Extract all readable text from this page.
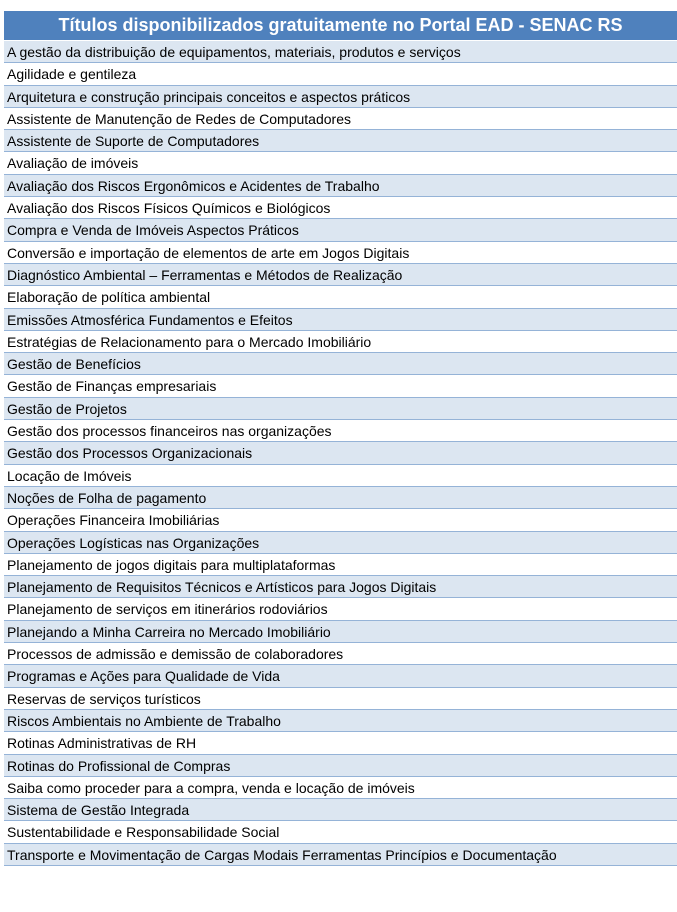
Títulos disponibilizados gratuitamente no Portal EAD - SENAC RS
A gestão da distribuição de equipamentos, materiais, produtos e serviços
Agilidade e gentileza
Arquitetura e construção principais conceitos e aspectos práticos
Assistente de Manutenção de Redes de Computadores
Assistente de Suporte de Computadores
Avaliação de imóveis
Avaliação dos Riscos Ergonômicos e Acidentes de Trabalho
Avaliação dos Riscos Físicos Químicos e Biológicos
Compra e Venda de Imóveis Aspectos Práticos
Conversão e importação de elementos de arte em Jogos Digitais
Diagnóstico Ambiental – Ferramentas e Métodos de Realização
Elaboração de política ambiental
Emissões Atmosférica Fundamentos e Efeitos
Estratégias de Relacionamento para o Mercado Imobiliário
Gestão de Benefícios
Gestão de Finanças empresariais
Gestão de Projetos
Gestão dos processos financeiros nas organizações
Gestão dos Processos Organizacionais
Locação de Imóveis
Noções de Folha de pagamento
Operações Financeira Imobiliárias
Operações Logísticas nas Organizações
Planejamento de jogos digitais para multiplataformas
Planejamento de Requisitos Técnicos e Artísticos para Jogos Digitais
Planejamento de serviços em itinerários rodoviários
Planejando a Minha Carreira no Mercado Imobiliário
Processos de admissão e demissão de colaboradores
Programas e Ações para Qualidade de Vida
Reservas de serviços turísticos
Riscos Ambientais no Ambiente de Trabalho
Rotinas Administrativas de RH
Rotinas do Profissional de Compras
Saiba como proceder para a compra, venda e locação de imóveis
Sistema de Gestão Integrada
Sustentabilidade e Responsabilidade Social
Transporte e Movimentação de Cargas Modais Ferramentas Princípios e Documentação
